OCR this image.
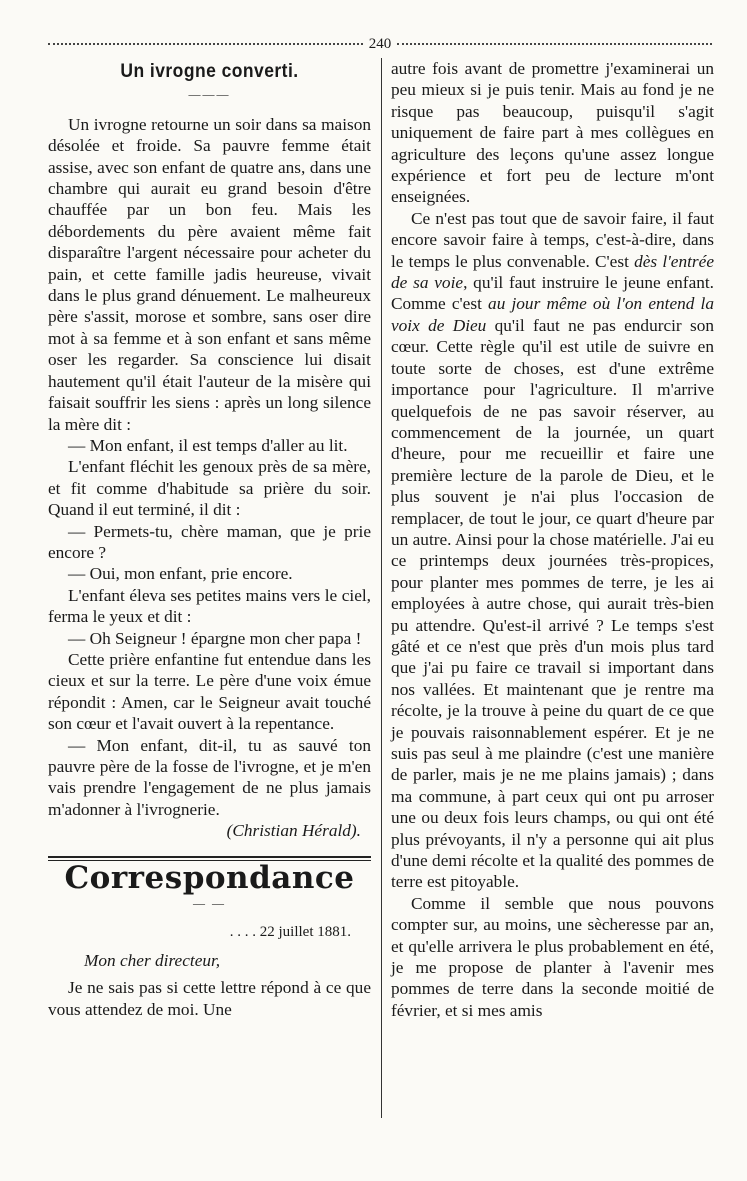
240
Un ivrogne converti.
———

Un ivrogne retourne un soir dans sa maison désolée et froide. Sa pauvre femme était assise, avec son enfant de quatre ans, dans une chambre qui aurait eu grand besoin d'être chauffée par un bon feu. Mais les débordements du père avaient même fait disparaître l'argent nécessaire pour acheter du pain, et cette famille jadis heureuse, vivait dans le plus grand dénuement. Le malheureux père s'assit, morose et sombre, sans oser dire mot à sa femme et à son enfant et sans même oser les regarder. Sa conscience lui disait hautement qu'il était l'auteur de la misère qui faisait souffrir les siens : après un long silence la mère dit :

— Mon enfant, il est temps d'aller au lit.

L'enfant fléchit les genoux près de sa mère, et fit comme d'habitude sa prière du soir. Quand il eut terminé, il dit :

— Permets-tu, chère maman, que je prie encore ?

— Oui, mon enfant, prie encore.

L'enfant éleva ses petites mains vers le ciel, ferma le yeux et dit :

— Oh Seigneur ! épargne mon cher papa !

Cette prière enfantine fut entendue dans les cieux et sur la terre. Le père d'une voix émue répondit : Amen, car le Seigneur avait touché son cœur et l'avait ouvert à la repentance.

— Mon enfant, dit-il, tu as sauvé ton pauvre père de la fosse de l'ivrogne, et je m'en vais prendre l'engagement de ne plus jamais m'adonner à l'ivrognerie.

(Christian Hérald).
Correspondance
— —
. . . . 22 juillet 1881.

Mon cher directeur,

Je ne sais pas si cette lettre répond à ce que vous attendez de moi. Une

autre fois avant de promettre j'examinerai un peu mieux si je puis tenir. Mais au fond je ne risque pas beaucoup, puisqu'il s'agit uniquement de faire part à mes collègues en agriculture des leçons qu'une assez longue expérience et fort peu de lecture m'ont enseignées.

Ce n'est pas tout que de savoir faire, il faut encore savoir faire à temps, c'est-à-dire, dans le temps le plus convenable. C'est dès l'entrée de sa voie, qu'il faut instruire le jeune enfant. Comme c'est au jour même où l'on entend la voix de Dieu qu'il faut ne pas endurcir son cœur. Cette règle qu'il est utile de suivre en toute sorte de choses, est d'une extrême importance pour l'agriculture. Il m'arrive quelquefois de ne pas savoir réserver, au commencement de la journée, un quart d'heure, pour me recueillir et faire une première lecture de la parole de Dieu, et le plus souvent je n'ai plus l'occasion de remplacer, de tout le jour, ce quart d'heure par un autre. Ainsi pour la chose matérielle. J'ai eu ce printemps deux journées très-propices, pour planter mes pommes de terre, je les ai employées à autre chose, qui aurait très-bien pu attendre. Qu'est-il arrivé ? Le temps s'est gâté et ce n'est que près d'un mois plus tard que j'ai pu faire ce travail si important dans nos vallées. Et maintenant que je rentre ma récolte, je la trouve à peine du quart de ce que je pouvais raisonnablement espérer. Et je ne suis pas seul à me plaindre (c'est une manière de parler, mais je ne me plains jamais) ; dans ma commune, à part ceux qui ont pu arroser une ou deux fois leurs champs, ou qui ont été plus prévoyants, il n'y a personne qui ait plus d'une demi récolte et la qualité des pommes de terre est pitoyable.

Comme il semble que nous pouvons compter sur, au moins, une sècheresse par an, et qu'elle arrivera le plus probablement en été, je me propose de planter à l'avenir mes pommes de terre dans la seconde moitié de février, et si mes amis
